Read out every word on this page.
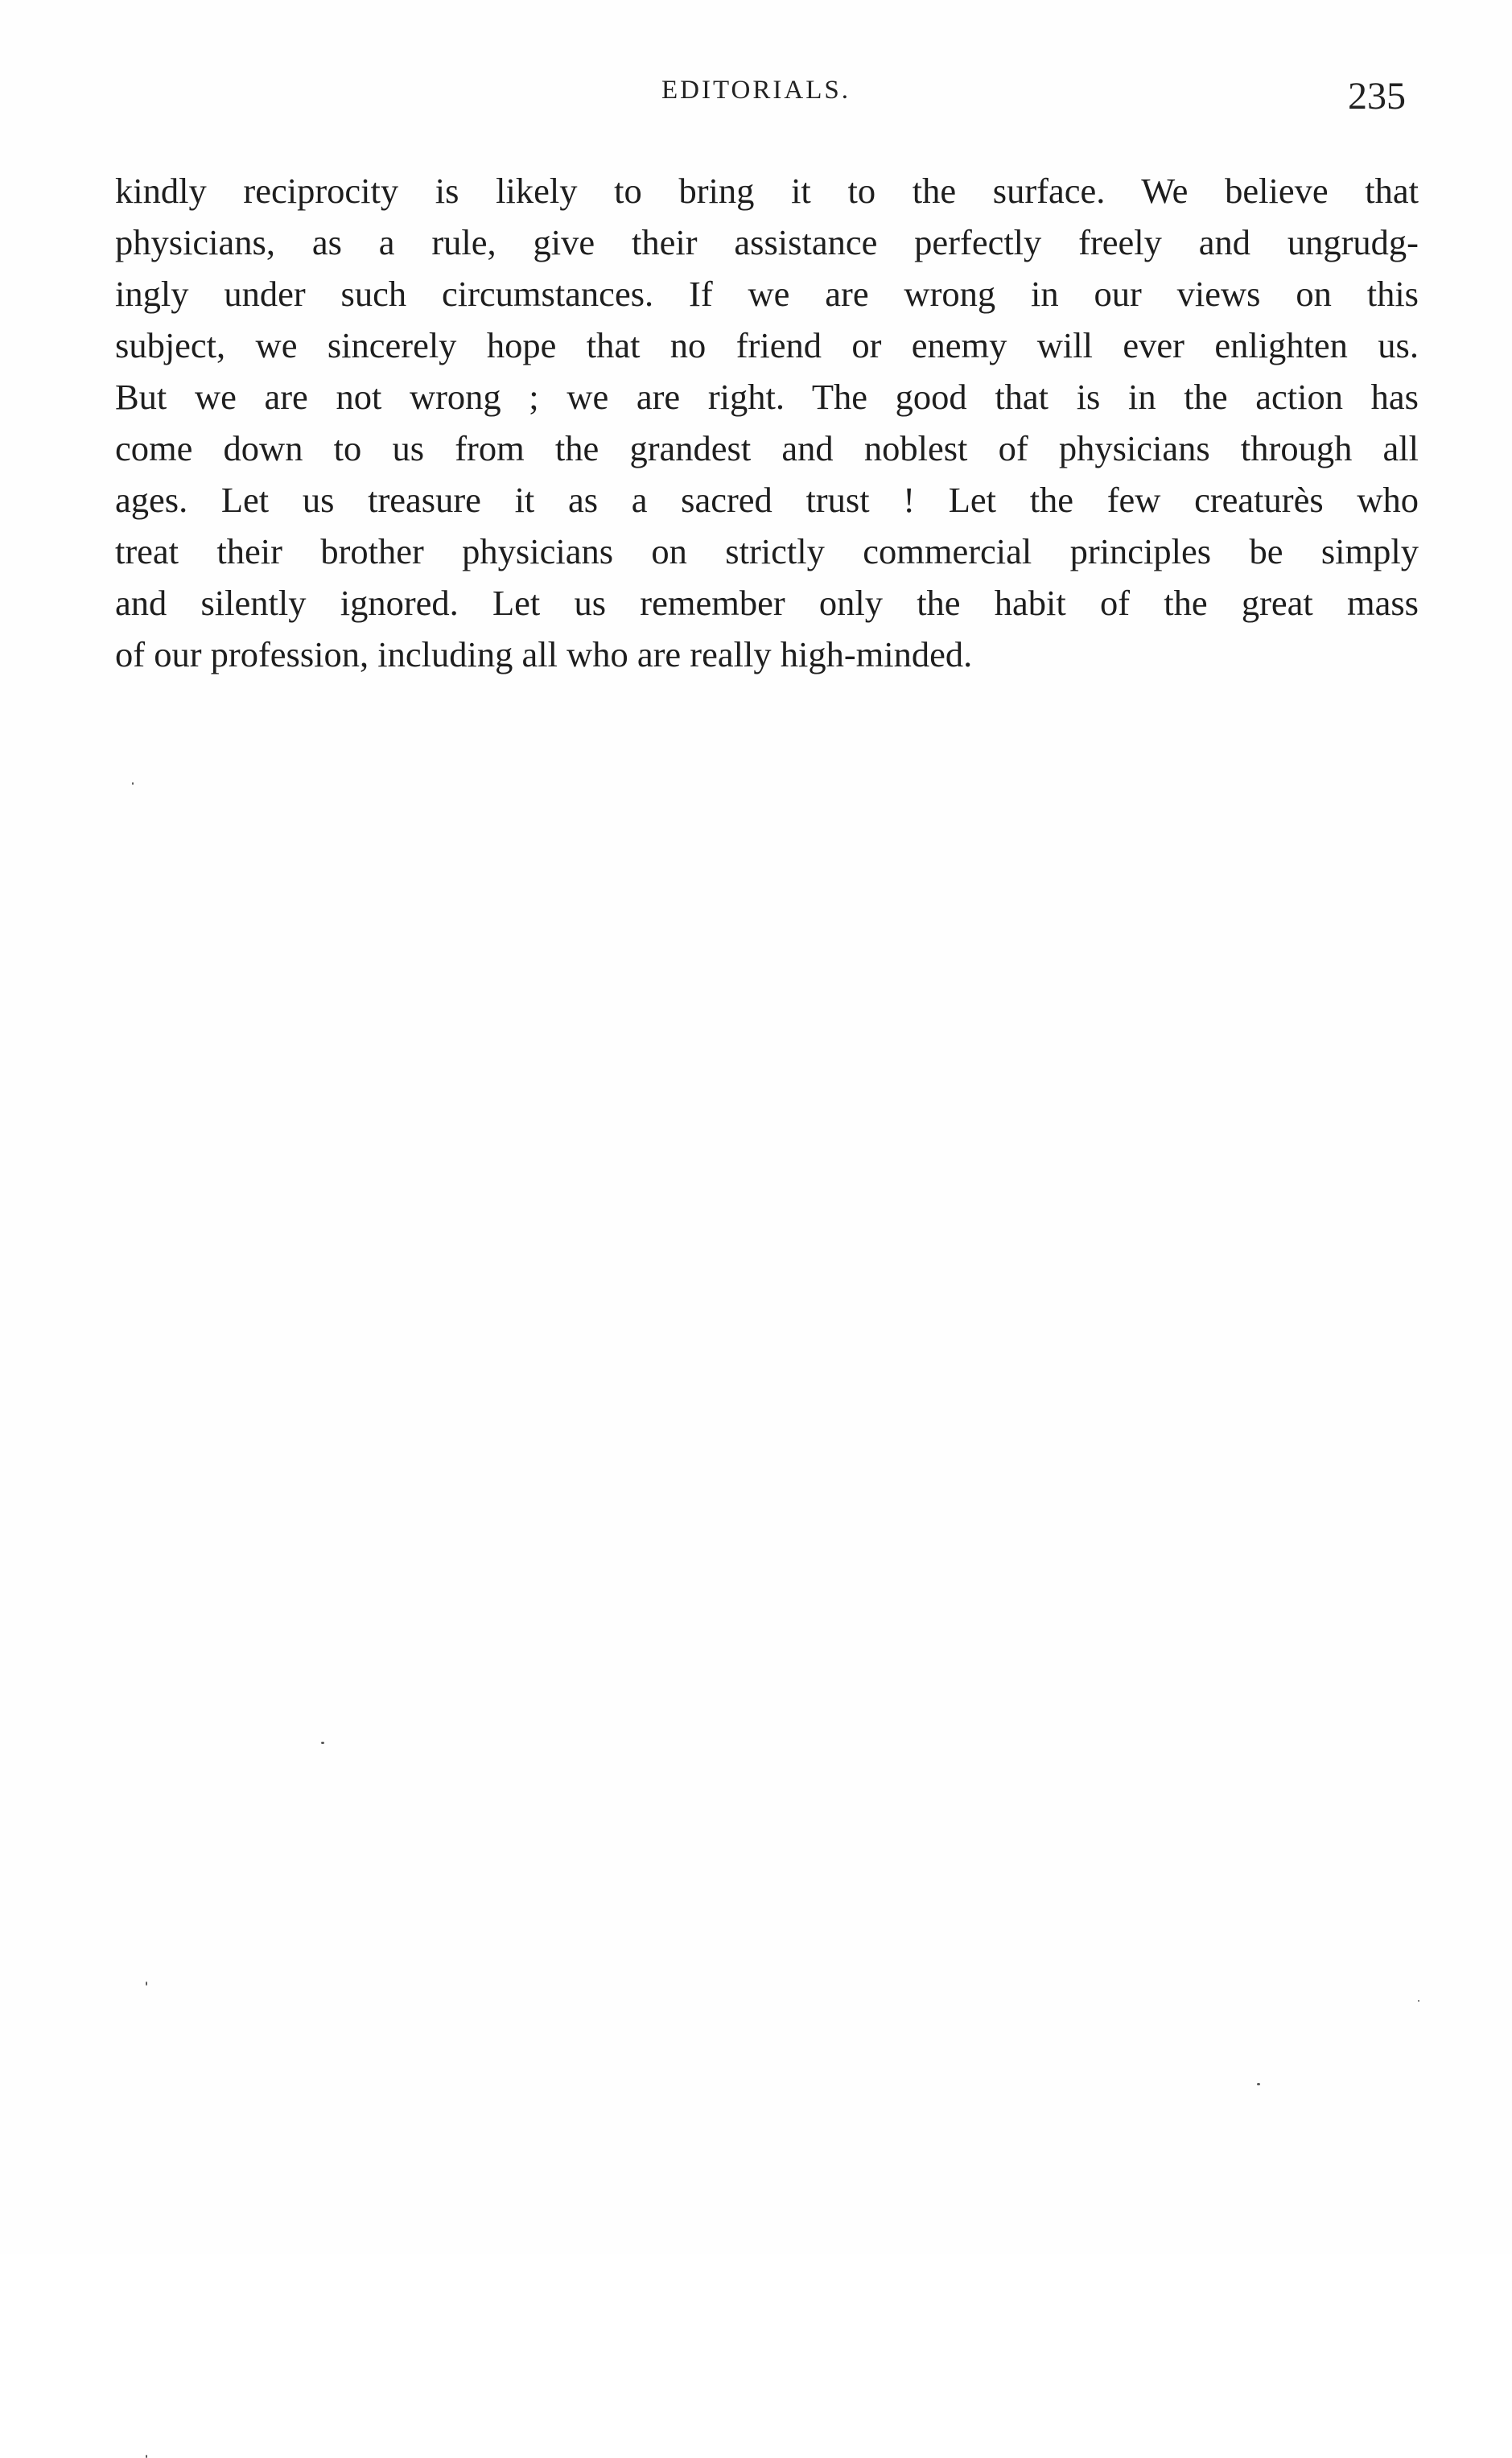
EDITORIALS.	235
kindly reciprocity is likely to bring it to the surface. We believe that
physicians, as a rule, give their assistance perfectly freely and ungrudg-
ingly under such circumstances. If we are wrong in our views on this
subject, we sincerely hope that no friend or enemy will ever enlighten us.
But we are not wrong ; we are right. The good that is in the action has
come down to us from the grandest and noblest of physicians through all
ages. Let us treasure it as a sacred trust ! Let the few creaturès who
treat their brother physicians on strictly commercial principles be simply
and silently ignored. Let us remember only the habit of the great mass
of our profession, including all who are really high-minded.
